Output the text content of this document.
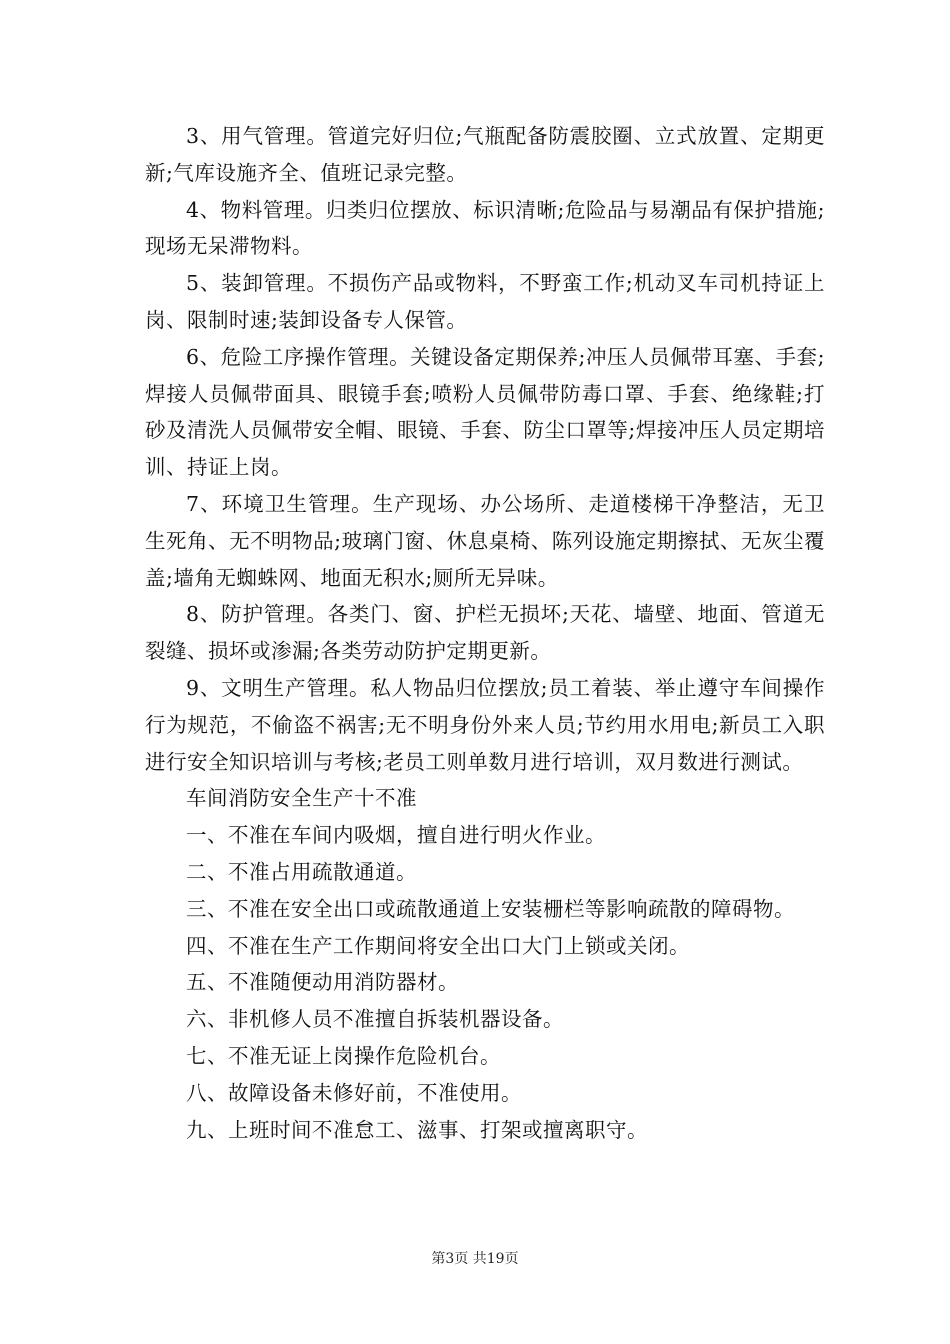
3、用气管理。管道完好归位;气瓶配备防震胶圈、立式放置、定期更新;气库设施齐全、值班记录完整。

4、物料管理。归类归位摆放、标识清晰;危险品与易潮品有保护措施;现场无呆滞物料。

5、装卸管理。不损伤产品或物料，不野蛮工作;机动叉车司机持证上岗、限制时速;装卸设备专人保管。

6、危险工序操作管理。关键设备定期保养;冲压人员佩带耳塞、手套;焊接人员佩带面具、眼镜手套;喷粉人员佩带防毒口罩、手套、绝缘鞋;打砂及清洗人员佩带安全帽、眼镜、手套、防尘口罩等;焊接冲压人员定期培训、持证上岗。

7、环境卫生管理。生产现场、办公场所、走道楼梯干净整洁，无卫生死角、无不明物品;玻璃门窗、休息桌椅、陈列设施定期擦拭、无灰尘覆盖;墙角无蜘蛛网、地面无积水;厕所无异味。

8、防护管理。各类门、窗、护栏无损坏;天花、墙壁、地面、管道无裂缝、损坏或渗漏;各类劳动防护定期更新。

9、文明生产管理。私人物品归位摆放;员工着装、举止遵守车间操作行为规范，不偷盗不祸害;无不明身份外来人员;节约用水用电;新员工入职进行安全知识培训与考核;老员工则单数月进行培训，双月数进行测试。

车间消防安全生产十不准

一、不准在车间内吸烟，擅自进行明火作业。

二、不准占用疏散通道。

三、不准在安全出口或疏散通道上安装栅栏等影响疏散的障碍物。

四、不准在生产工作期间将安全出口大门上锁或关闭。

五、不准随便动用消防器材。

六、非机修人员不准擅自拆装机器设备。

七、不准无证上岗操作危险机台。

八、故障设备未修好前，不准使用。

九、上班时间不准怠工、滋事、打架或擅离职守。

第3页 共19页
